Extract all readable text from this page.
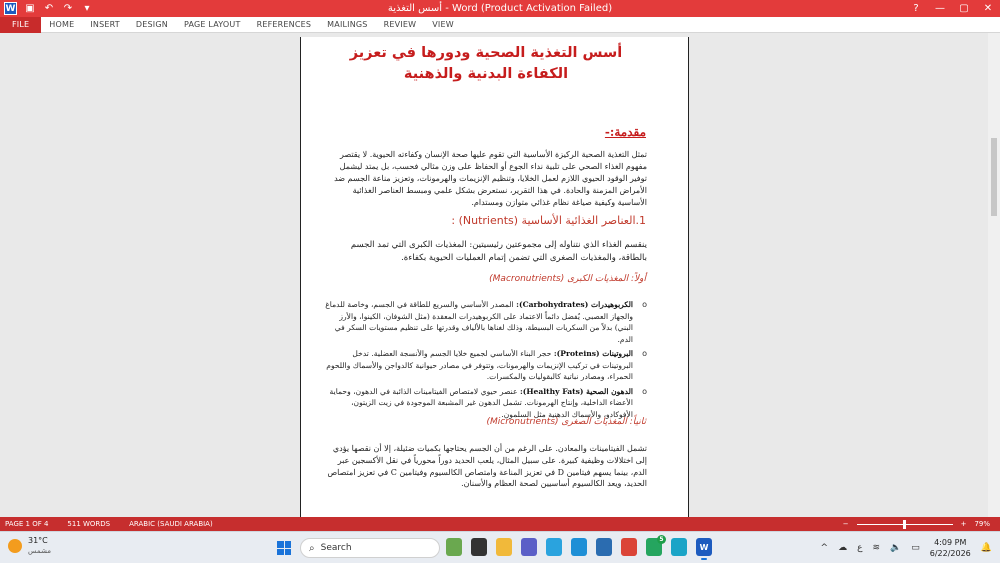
W ▣ ↶ ↷	▾	أسس التغذية - Word (Product Activation Failed)	?	—	▢	✕
FILE	HOME	INSERT	DESIGN	PAGE LAYOUT	REFERENCES	MAILINGS	REVIEW	VIEW
أسس التغذية الصحية ودورها في تعزيز الكفاءة البدنية والذهنية
مقدمة:-
تمثل التغذية الصحية الركيزة الأساسية التي تقوم عليها صحة الإنسان وكفاءته الحيوية. لا يقتصر مفهوم الغذاء الصحي على تلبية نداء الجوع أو الحفاظ على وزن مثالي فحسب، بل يمتد ليشمل توفير الوقود الحيوي اللازم لعمل الخلايا، وتنظيم الإنزيمات والهرمونات، وتعزيز مناعة الجسم ضد الأمراض المزمنة والحادة. في هذا التقرير، نستعرض بشكل علمي ومبسط العناصر الغذائية الأساسية وكيفية صياغة نظام غذائي متوازن ومستدام.
1.العناصر الغذائية الأساسية (Nutrients) :
ينقسم الغذاء الذي نتناوله إلى مجموعتين رئيسيتين: المغذيات الكبرى التي تمد الجسم بالطاقة، والمغذيات الصغرى التي تضمن إتمام العمليات الحيوية بكفاءة.
أولاً: المغذيات الكبرى (Macronutrients)
o
الكربوهيدرات (Carbohydrates): المصدر الأساسي والسريع للطاقة في الجسم، وخاصة للدماغ والجهاز العصبي. يُفضل دائماً الاعتماد على الكربوهيدرات المعقدة (مثل الشوفان، الكينوا، والأرز البني) بدلاً من السكريات البسيطة، وذلك لغناها بالألياف وقدرتها على تنظيم مستويات السكر في الدم.
o
البروتينات (Proteins): حجر البناء الأساسي لجميع خلايا الجسم والأنسجة العضلية. تدخل البروتينات في تركيب الإنزيمات والهرمونات، وتتوفر في مصادر حيوانية كالدواجن والأسماك واللحوم الحمراء، ومصادر نباتية كالبقوليات والمكسرات.
o
الدهون الصحية (Healthy Fats): عنصر حيوي لامتصاص الفيتامينات الذائبة في الدهون، وحماية الأعضاء الداخلية، وإنتاج الهرمونات. تشمل الدهون غير المشبعة الموجودة في زيت الزيتون، الأفوكادو، والأسماك الدهنية مثل السلمون.
ثانياً: المغذيات الصغرى (Micronutrients)
تشمل الفيتامينات والمعادن. على الرغم من أن الجسم يحتاجها بكميات ضئيلة، إلا أن نقصها يؤدي إلى اختلالات وظيفية كبيرة. على سبيل المثال، يلعب الحديد دوراً محورياً في نقل الأكسجين عبر الدم، بينما يسهم فيتامين D في تعزيز المناعة وامتصاص الكالسيوم وفيتامين C في تعزيز امتصاص الحديد، ويعد الكالسيوم أساسيين لصحة العظام والأسنان.
PAGE 1 OF 4	511 WORDS	ARABIC (SAUDI ARABIA)	−	+ 79%
31°C
مشمس	⌕ Search
5
W	^ ☁ ع ≋ 🔈 ▭
4:09 PM
6/22/2026
🔔
